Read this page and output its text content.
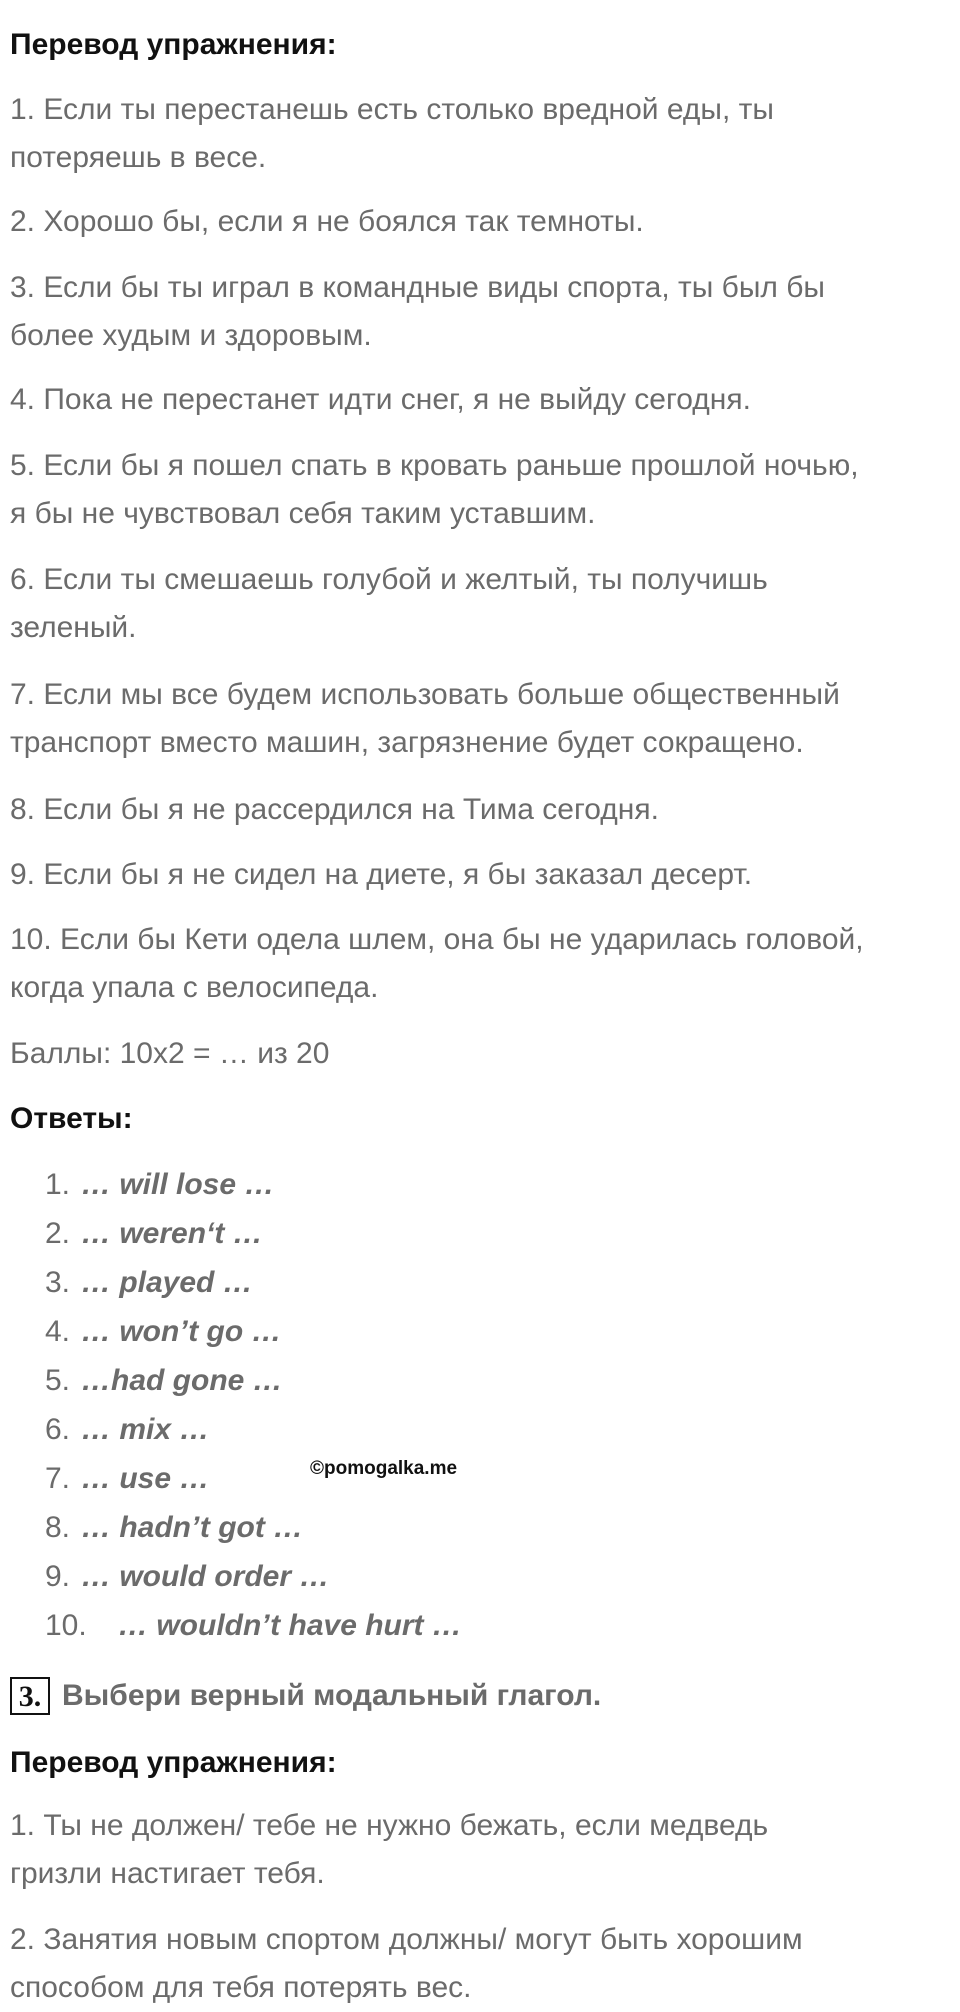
Перевод упражнения:

1. Если ты перестанешь есть столько вредной еды, ты
потеряешь в весе.

2. Хорошо бы, если я не боялся так темноты.

3. Если бы ты играл в командные виды спорта, ты был бы
более худым и здоровым.

4. Пока не перестанет идти снег, я не выйду сегодня.

5. Если бы я пошел спать в кровать раньше прошлой ночью,
я бы не чувствовал себя таким уставшим.

6. Если ты смешаешь голубой и желтый, ты получишь
зеленый.

7. Если мы все будем использовать больше общественный
транспорт вместо машин, загрязнение будет сокращено.

8. Если бы я не рассердился на Тима сегодня.

9. Если бы я не сидел на диете, я бы заказал десерт.

10. Если бы Кети одела шлем, она бы не ударилась головой,
когда упала с велосипеда.

Баллы: 10х2 = … из 20

Ответы:
1. … will lose …
2. … weren‘t …
3. … played …
4. … won’t go …
5. …had gone …
6. … mix …
7. … use …
8. … hadn’t got …
9. … would order …
10. … wouldn’t have hurt …
©pomogalka.me
3. Выбери верный модальный глагол.
Перевод упражнения:

1. Ты не должен/ тебе не нужно бежать, если медведь
гризли настигает тебя.

2. Занятия новым спортом должны/ могут быть хорошим
способом для тебя потерять вес.
